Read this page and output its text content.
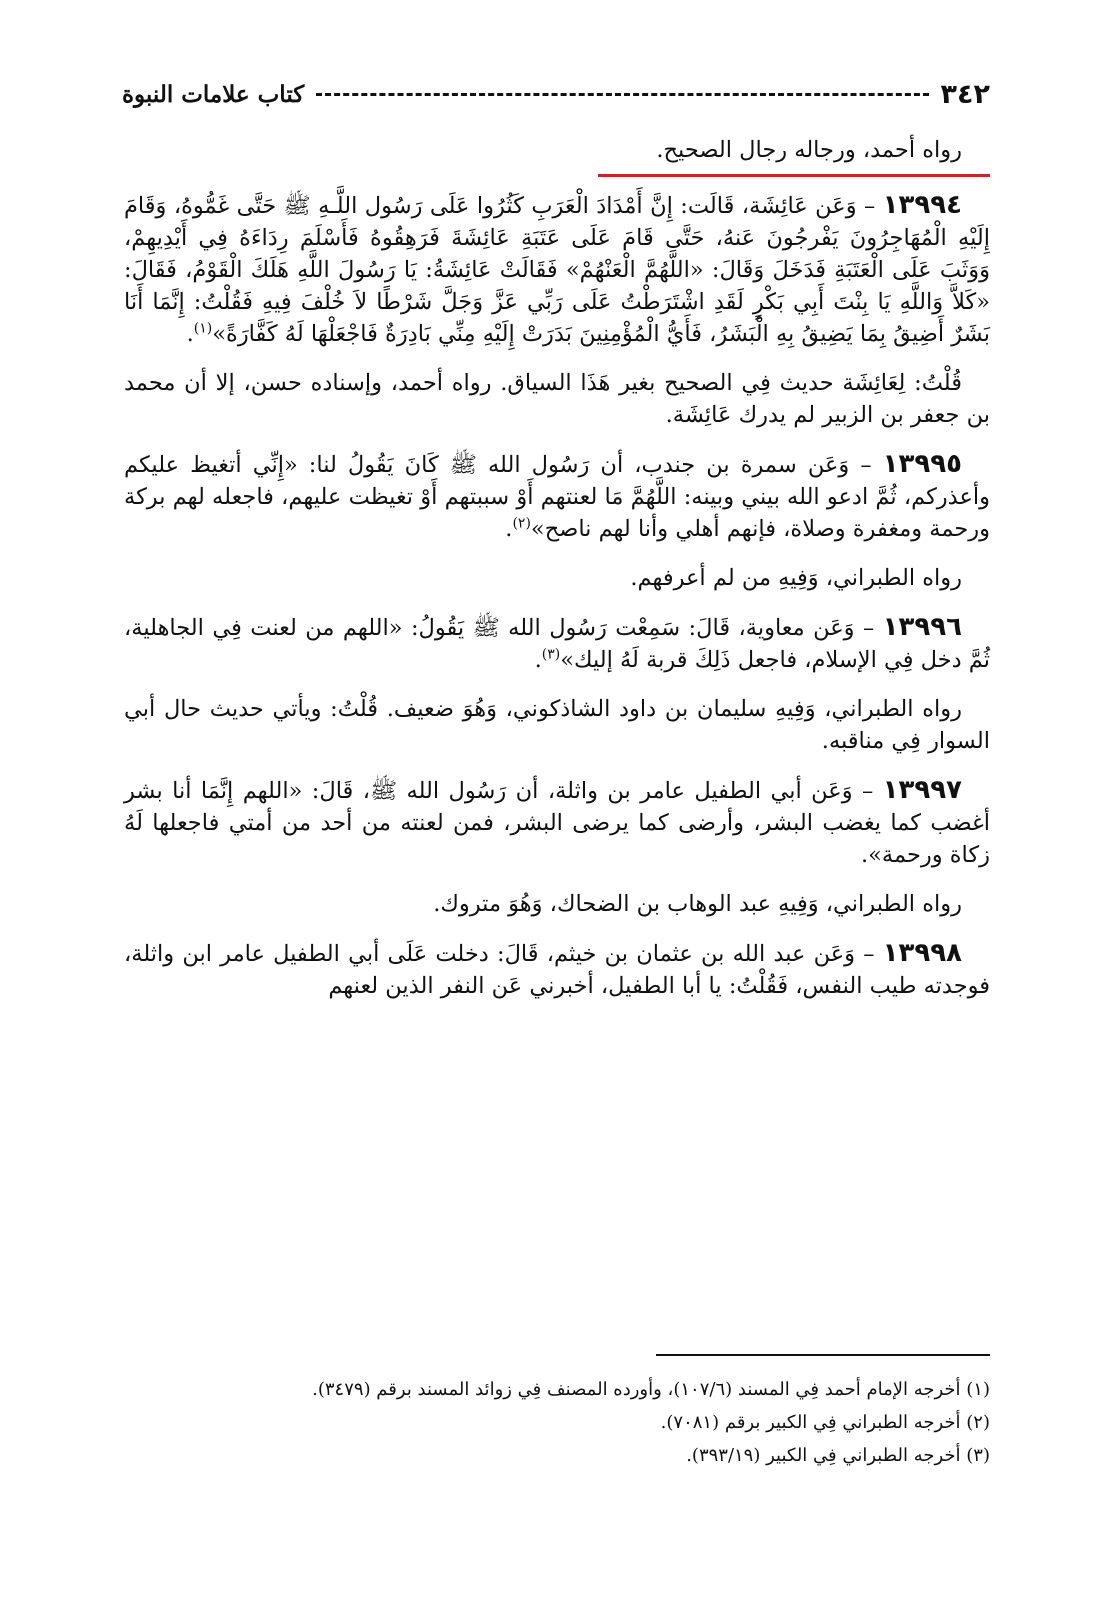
٣٤٢
كتاب علامات النبوة

رواه أحمد، ورجاله رجال الصحيح.

١٣٩٩٤ – وَعَن عَائِشَة، قَالَت: إِنَّ أَمْدَادَ الْعَرَبِ كَثُرُوا عَلَى رَسُول اللَّـهِ ﷺ حَتَّى غَمُّوهُ، وَقَامَ إِلَيْهِ الْمُهَاجِرُونَ يَفْرجُونَ عَنهُ، حَتَّى قَامَ عَلَى عَتَبَةِ عَائِشَةَ فَرَهِقُوهُ فَأَسْلَمَ رِدَاءَهُ فِي أَيْدِيهِمْ، وَوَثَبَ عَلَى الْعَتَبَةِ فَدَخَلَ وَقَالَ: «اللَّهُمَّ الْعَنْهُمْ» فَقَالَتْ عَائِشَةُ: يَا رَسُولَ اللَّهِ هَلَكَ الْقَوْمُ، فَقَالَ: «كَلاَّ وَاللَّهِ يَا بِنْتَ أَبِي بَكْرٍ لَقَدِ اشْتَرَطْتُ عَلَى رَبِّي عَزَّ وَجَلَّ شَرْطًا لاَ خُلْفَ فِيهِ فَقُلْتُ: إِنَّمَا أَنَا بَشَرٌ أَضِيقُ بِمَا يَضِيقُ بِهِ الْبَشَرُ، فَأَيُّ الْمُؤْمِنِينَ بَدَرَتْ إِلَيْهِ مِنِّي بَادِرَةٌ فَاجْعَلْهَا لَهُ كَفَّارَةً»$^{(١)}$.

قُلْتُ: لِعَائِشَة حديث فِي الصحيح بغير هَذَا السياق. رواه أحمد، وإسناده حسن، إلا أن محمد بن جعفر بن الزبير لم يدرك عَائِشَة.

١٣٩٩٥ – وَعَن سمرة بن جندب، أن رَسُول الله ﷺ كَانَ يَقُولُ لنا: «إِنِّي أتغيظ عليكم وأعذركم، ثُمَّ ادعو الله بيني وبينه: اللَّهُمَّ مَا لعنتهم أَوْ سببتهم أَوْ تغيظت عليهم، فاجعله لهم بركة ورحمة ومغفرة وصلاة، فإنهم أهلي وأنا لهم ناصح»$^{(٢)}$.

رواه الطبراني، وَفِيهِ من لم أعرفهم.

١٣٩٩٦ – وَعَن معاوية، قَالَ: سَمِعْت رَسُول الله ﷺ يَقُولُ: «اللهم من لعنت فِي الجاهلية، ثُمَّ دخل فِي الإسلام، فاجعل ذَلِكَ قربة لَهُ إليك»$^{(٣)}$.

رواه الطبراني، وَفِيهِ سليمان بن داود الشاذكوني، وَهُوَ ضعيف. قُلْتُ: ويأتي حديث حال أبي السوار فِي مناقبه.

١٣٩٩٧ – وَعَن أبي الطفيل عامر بن واثلة، أن رَسُول الله ﷺ، قَالَ: «اللهم إِنَّمَا أنا بشر أغضب كما يغضب البشر، وأرضى كما يرضى البشر، فمن لعنته من أحد من أمتي فاجعلها لَهُ زكاة ورحمة».

رواه الطبراني، وَفِيهِ عبد الوهاب بن الضحاك، وَهُوَ متروك.

١٣٩٩٨ – وَعَن عبد الله بن عثمان بن خيثم، قَالَ: دخلت عَلَى أبي الطفيل عامر ابن واثلة، فوجدته طيب النفس، فَقُلْتُ: يا أبا الطفيل، أخبرني عَن النفر الذين لعنهم

(١) أخرجه الإمام أحمد فِي المسند (١٠٧/٦)، وأورده المصنف فِي زوائد المسند برقم (٣٤٧٩).
(٢) أخرجه الطبراني فِي الكبير برقم (٧٠٨١).
(٣) أخرجه الطبراني فِي الكبير (٣٩٣/١٩).
